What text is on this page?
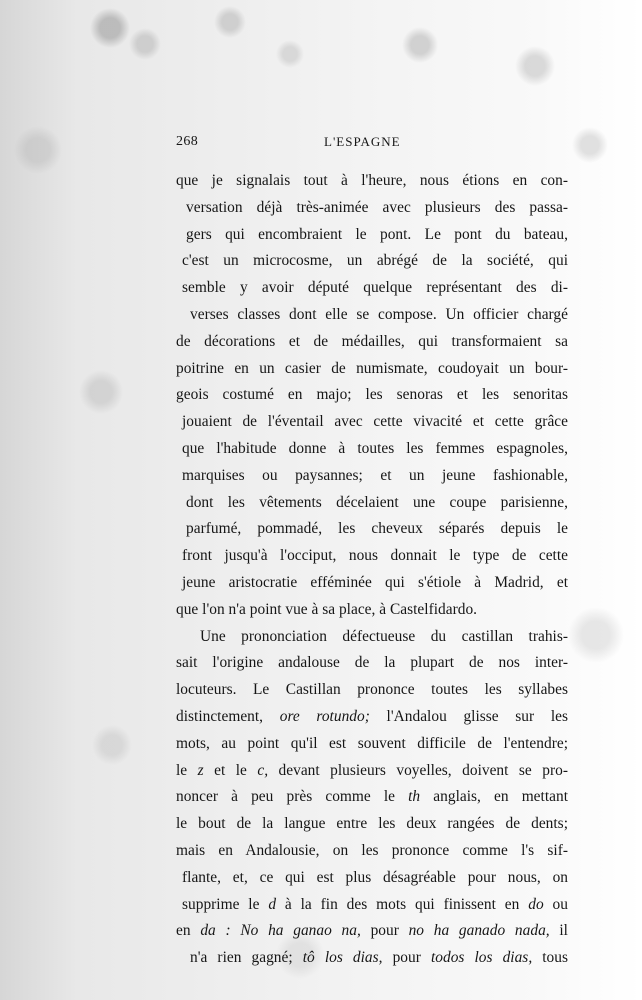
268	L'ESPAGNE
que je signalais tout à l'heure, nous étions en con-
versation déjà très-animée avec plusieurs des passa-
gers qui encombraient le pont. Le pont du bateau,
c'est un microcosme, un abrégé de la société, qui
semble y avoir député quelque représentant des di-
verses classes dont elle se compose. Un officier chargé
de décorations et de médailles, qui transformaient sa
poitrine en un casier de numismate, coudoyait un bour-
geois costumé en majo; les senoras et les senoritas
jouaient de l'éventail avec cette vivacité et cette grâce
que l'habitude donne à toutes les femmes espagnoles,
marquises ou paysannes; et un jeune fashionable,
dont les vêtements décelaient une coupe parisienne,
parfumé, pommadé, les cheveux séparés depuis le
front jusqu'à l'occiput, nous donnait le type de cette
jeune aristocratie efféminée qui s'étiole à Madrid, et
que l'on n'a point vue à sa place, à Castelfidardo.
Une prononciation défectueuse du castillan trahis-
sait l'origine andalouse de la plupart de nos inter-
locuteurs. Le Castillan prononce toutes les syllabes
distinctement, ore rotundo; l'Andalou glisse sur les
mots, au point qu'il est souvent difficile de l'entendre;
le z et le c, devant plusieurs voyelles, doivent se pro-
noncer à peu près comme le th anglais, en mettant
le bout de la langue entre les deux rangées de dents;
mais en Andalousie, on les prononce comme l's sif-
flante, et, ce qui est plus désagréable pour nous, on
supprime le d à la fin des mots qui finissent en do ou
en da : No ha ganao na, pour no ha ganado nada, il
n'a rien gagné; tô los dias, pour todos los dias, tous
